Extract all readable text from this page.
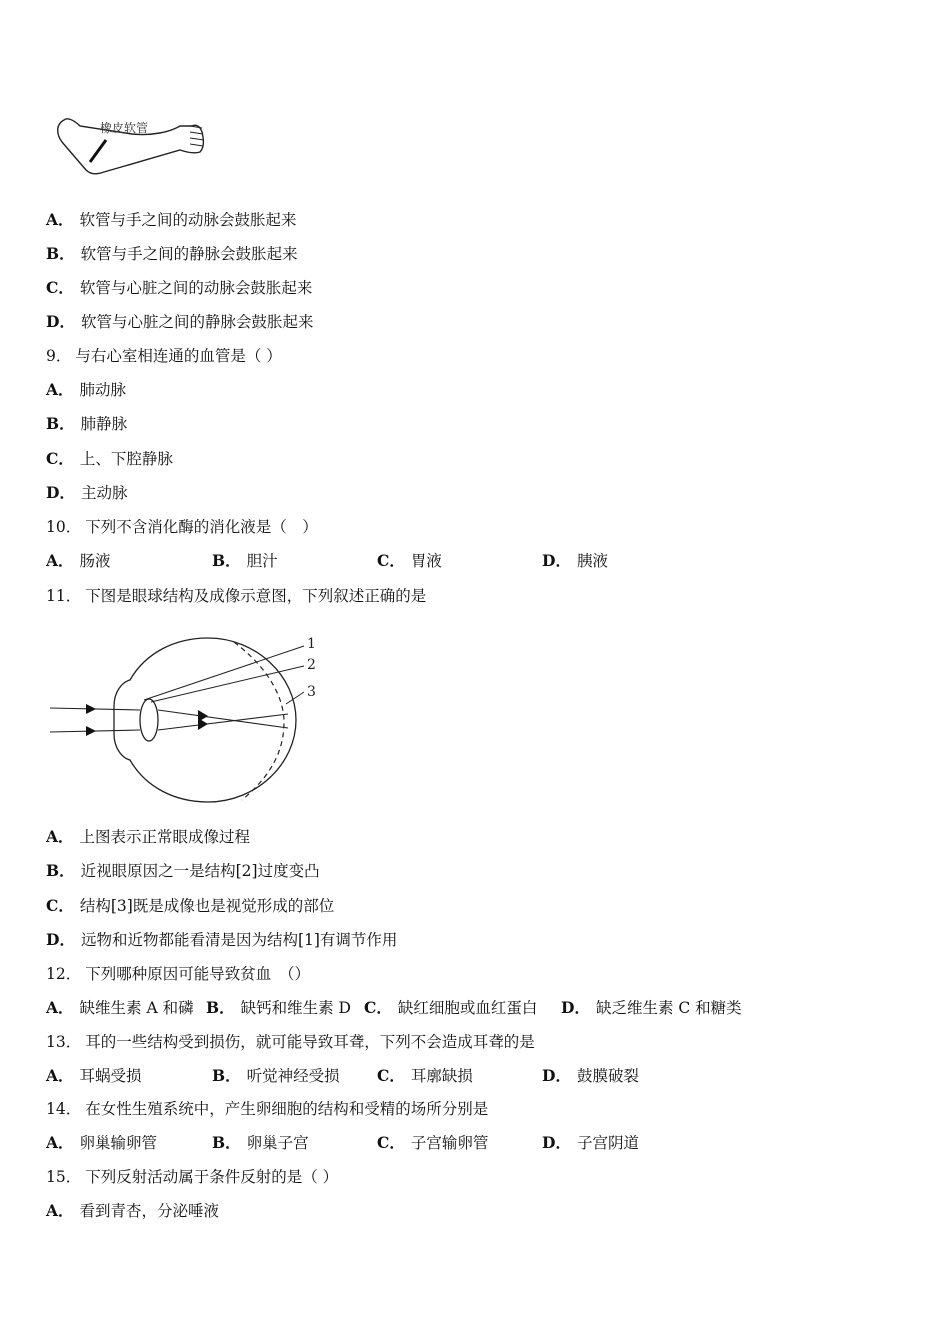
橡皮软管
A． 软管与手之间的动脉会鼓胀起来
B． 软管与手之间的静脉会鼓胀起来
C． 软管与心脏之间的动脉会鼓胀起来
D． 软管与心脏之间的静脉会鼓胀起来
9． 与右心室相连通的血管是（ ）
A． 肺动脉
B． 肺静脉
C． 上、下腔静脉
D． 主动脉
10． 下列不含消化酶的消化液是（　）
A． 肠液	B． 胆汁	C． 胃液	D． 胰液
11． 下图是眼球结构及成像示意图，下列叙述正确的是
1
2
3
A． 上图表示正常眼成像过程
B． 近视眼原因之一是结构[2]过度变凸
C． 结构[3]既是成像也是视觉形成的部位
D． 远物和近物都能看清是因为结构[1]有调节作用
12． 下列哪种原因可能导致贫血　（）
A． 缺维生素 A 和磷 B． 缺钙和维生素 D C． 缺红细胞或血红蛋白 D． 缺乏维生素 C 和糖类
13． 耳的一些结构受到损伤，就可能导致耳聋，下列不会造成耳聋的是
A． 耳蜗受损	B． 听觉神经受损 C． 耳廓缺损	D． 鼓膜破裂
14． 在女性生殖系统中，产生卵细胞的结构和受精的场所分别是
A． 卵巢输卵管	B． 卵巢子宫	C． 子宫输卵管	D． 子宫阴道
15． 下列反射活动属于条件反射的是（ ）
A． 看到青杏，分泌唾液
